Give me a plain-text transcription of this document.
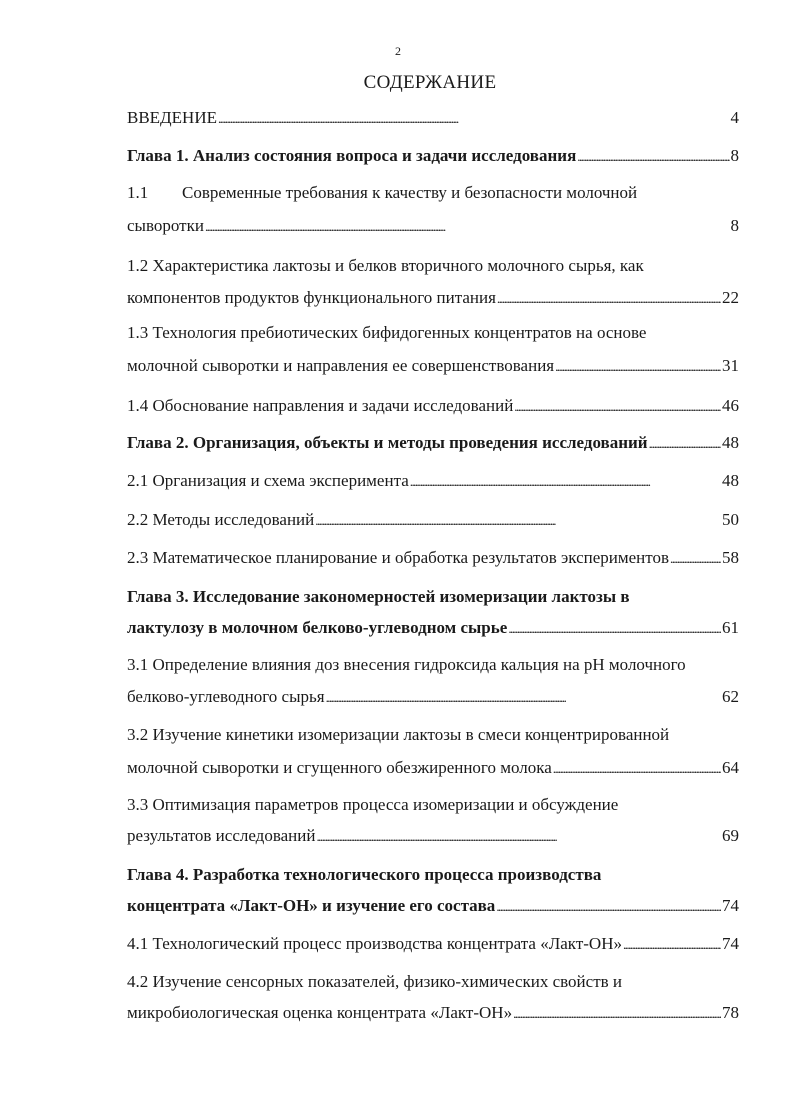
2
СОДЕРЖАНИЕ
ВВЕДЕНИЕ . . .	4
Глава 1. Анализ состояния вопроса и задачи исследования . . .	8
1.1 Современные требования к качеству и безопасности молочной
сыворотки . . .	8
1.2 Характеристика лактозы и белков вторичного молочного сырья, как
компонентов продуктов функционального питания . . .	22
1.3 Технология пребиотических бифидогенных концентратов на основе
молочной сыворотки и направления ее совершенствования . . .	31
1.4 Обоснование направления и задачи исследований . . .	46
Глава 2. Организация, объекты и методы проведения исследований . . .	48
2.1 Организация и схема эксперимента . . .	48
2.2 Методы исследований . . .	50
2.3 Математическое планирование и обработка результатов экспериментов . . .	58
Глава 3. Исследование закономерностей изомеризации лактозы в
лактулозу в молочном белково-углеводном сырье . . .	61
3.1 Определение влияния доз внесения гидроксида кальция на pH молочного
белково-углеводного сырья . . .	62
3.2 Изучение кинетики изомеризации лактозы в смеси концентрированной
молочной сыворотки и сгущенного обезжиренного молока . . .	64
3.3 Оптимизация параметров процесса изомеризации и обсуждение
результатов исследований . . .	69
Глава 4. Разработка технологического процесса производства
концентрата «Лакт-ОН» и изучение его состава . . .	74
4.1 Технологический процесс производства концентрата «Лакт-ОН» . . .	74
4.2 Изучение сенсорных показателей, физико-химических свойств и
микробиологическая оценка концентрата «Лакт-ОН» . . .	78
